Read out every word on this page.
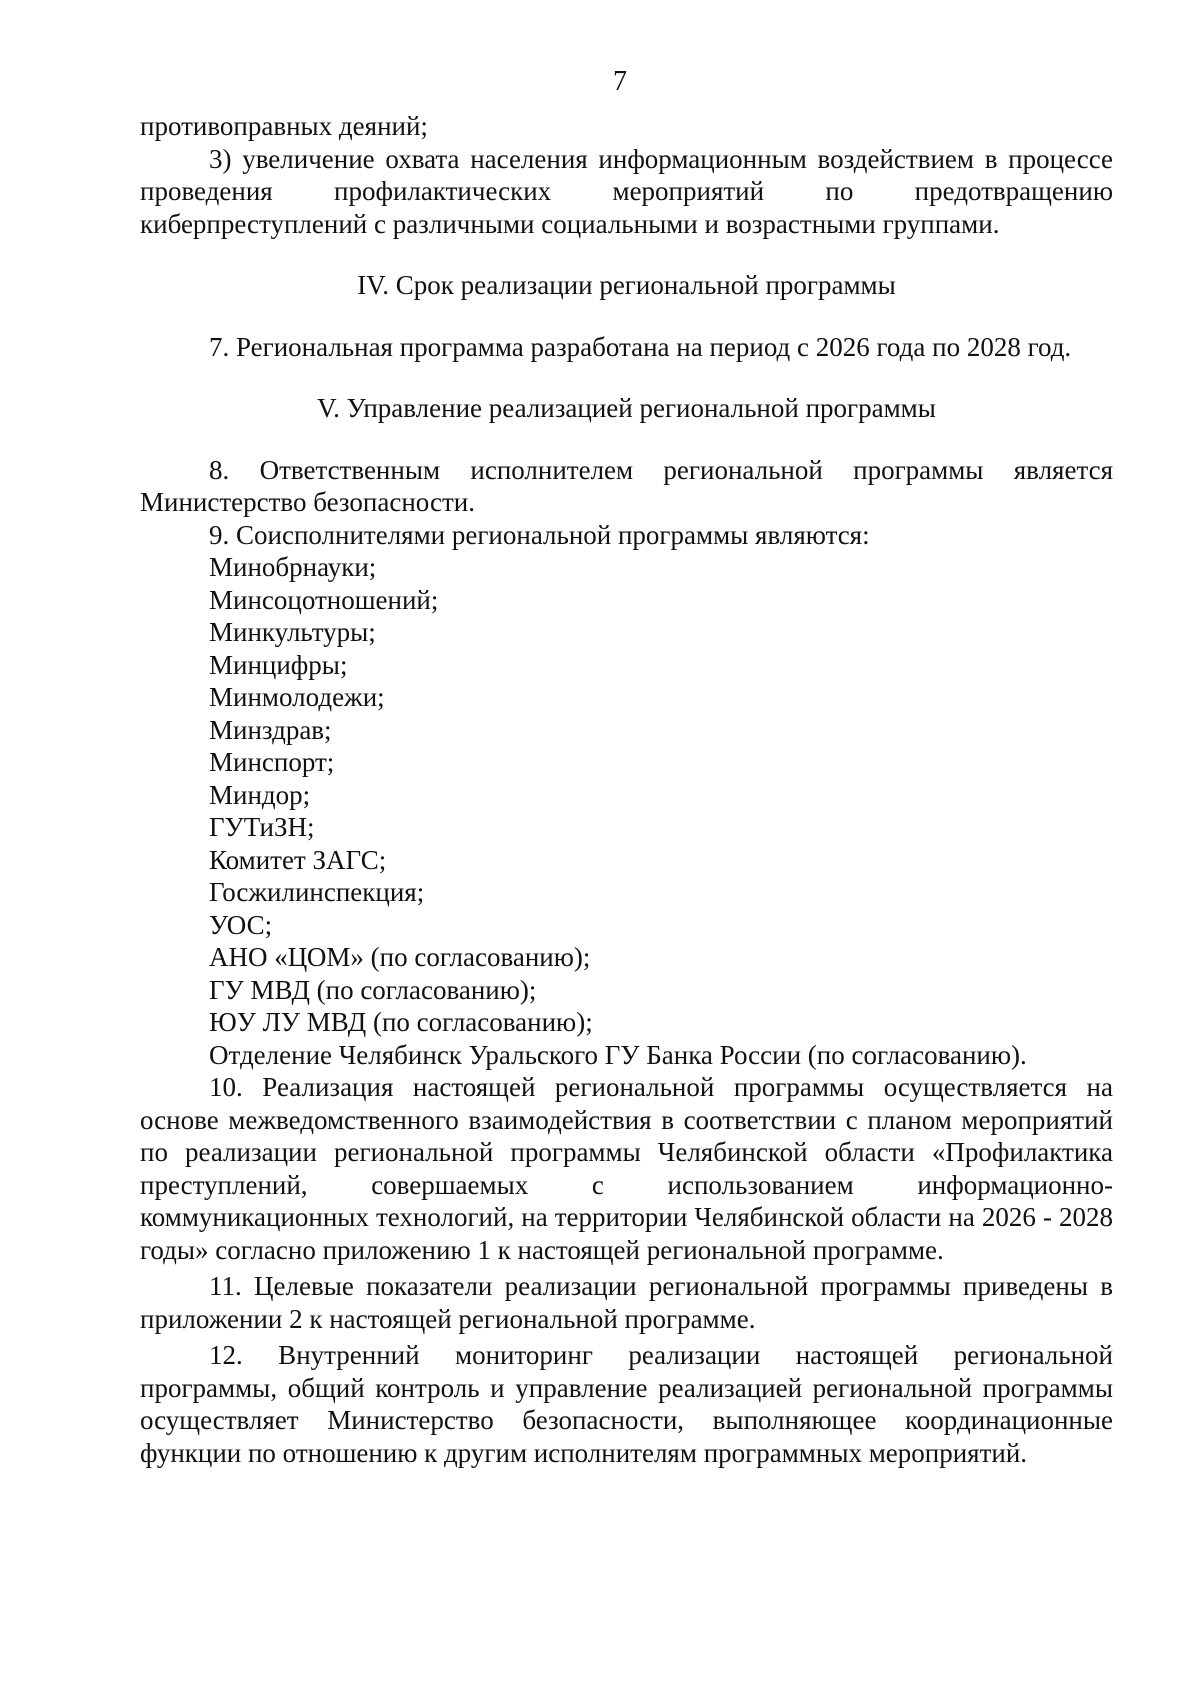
7

противоправных деяний;

3) увеличение охвата населения информационным воздействием в процессе проведения профилактических мероприятий по предотвращению киберпреступлений с различными социальными и возрастными группами.

IV. Срок реализации региональной программы

7. Региональная программа разработана на период с 2026 года по 2028 год.

V. Управление реализацией региональной программы

8. Ответственным исполнителем региональной программы является Министерство безопасности.

9. Соисполнителями региональной программы являются:

Минобрнауки;

Минсоцотношений;

Минкультуры;

Минцифры;

Минмолодежи;

Минздрав;

Минспорт;

Миндор;

ГУТиЗН;

Комитет ЗАГС;

Госжилинспекция;

УОС;

АНО «ЦОМ» (по согласованию);

ГУ МВД (по согласованию);

ЮУ ЛУ МВД (по согласованию);

Отделение Челябинск Уральского ГУ Банка России (по согласованию).

10. Реализация настоящей региональной программы осуществляется на основе межведомственного взаимодействия в соответствии с планом мероприятий по реализации региональной программы Челябинской области «Профилактика преступлений, совершаемых с использованием информационно-коммуникационных технологий, на территории Челябинской области на 2026 - 2028 годы» согласно приложению 1 к настоящей региональной программе.

11. Целевые показатели реализации региональной программы приведены в приложении 2 к настоящей региональной программе.

12. Внутренний мониторинг реализации настоящей региональной программы, общий контроль и управление реализацией региональной программы осуществляет Министерство безопасности, выполняющее координационные функции по отношению к другим исполнителям программных мероприятий.
